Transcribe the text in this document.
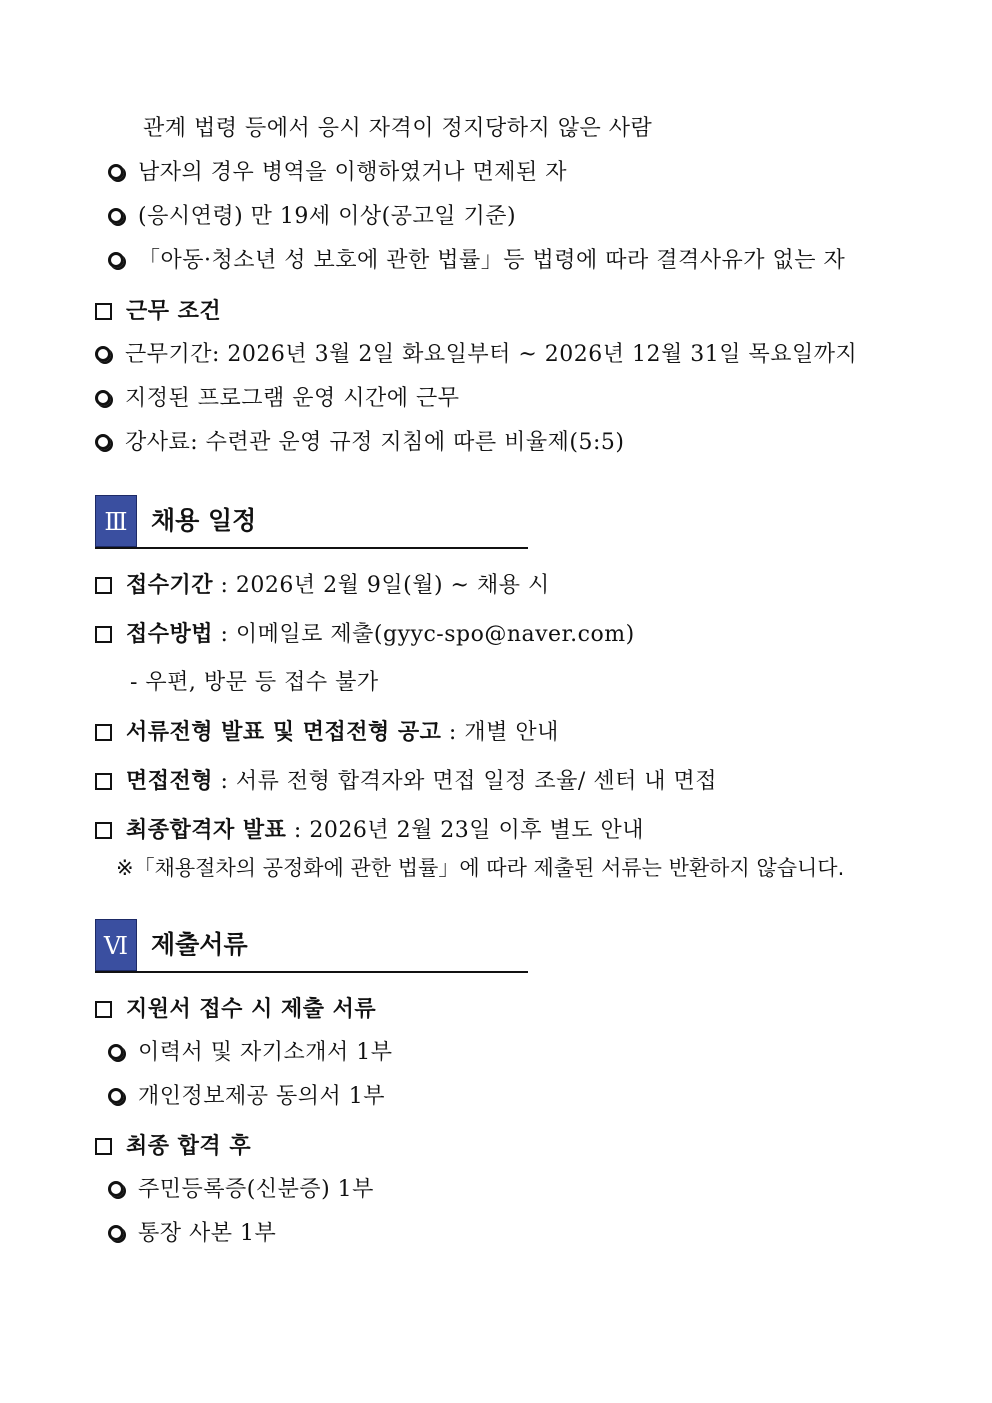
관계 법령 등에서 응시 자격이 정지당하지 않은 사람
남자의 경우 병역을 이행하였거나 면제된 자
(응시연령) 만 19세 이상(공고일 기준)
「아동·청소년 성 보호에 관한 법률」등 법령에 따라 결격사유가 없는 자
근무 조건
근무기간: 2026년 3월 2일 화요일부터 ~ 2026년 12월 31일 목요일까지
지정된 프로그램 운영 시간에 근무
강사료: 수련관 운영 규정 지침에 따른 비율제(5:5)
Ⅲ 채용 일정
접수기간 : 2026년 2월 9일(월) ~ 채용 시
접수방법 : 이메일로 제출(gyyc-spo@naver.com)
- 우편, 방문 등 접수 불가
서류전형 발표 및 면접전형 공고 : 개별 안내
면접전형 : 서류 전형 합격자와 면접 일정 조율/ 센터 내 면접
최종합격자 발표 : 2026년 2월 23일 이후 별도 안내
※「채용절차의 공정화에 관한 법률」에 따라 제출된 서류는 반환하지 않습니다.
Ⅵ 제출서류
지원서 접수 시 제출 서류
이력서 및 자기소개서 1부
개인정보제공 동의서 1부
최종 합격 후
주민등록증(신분증) 1부
통장 사본 1부
